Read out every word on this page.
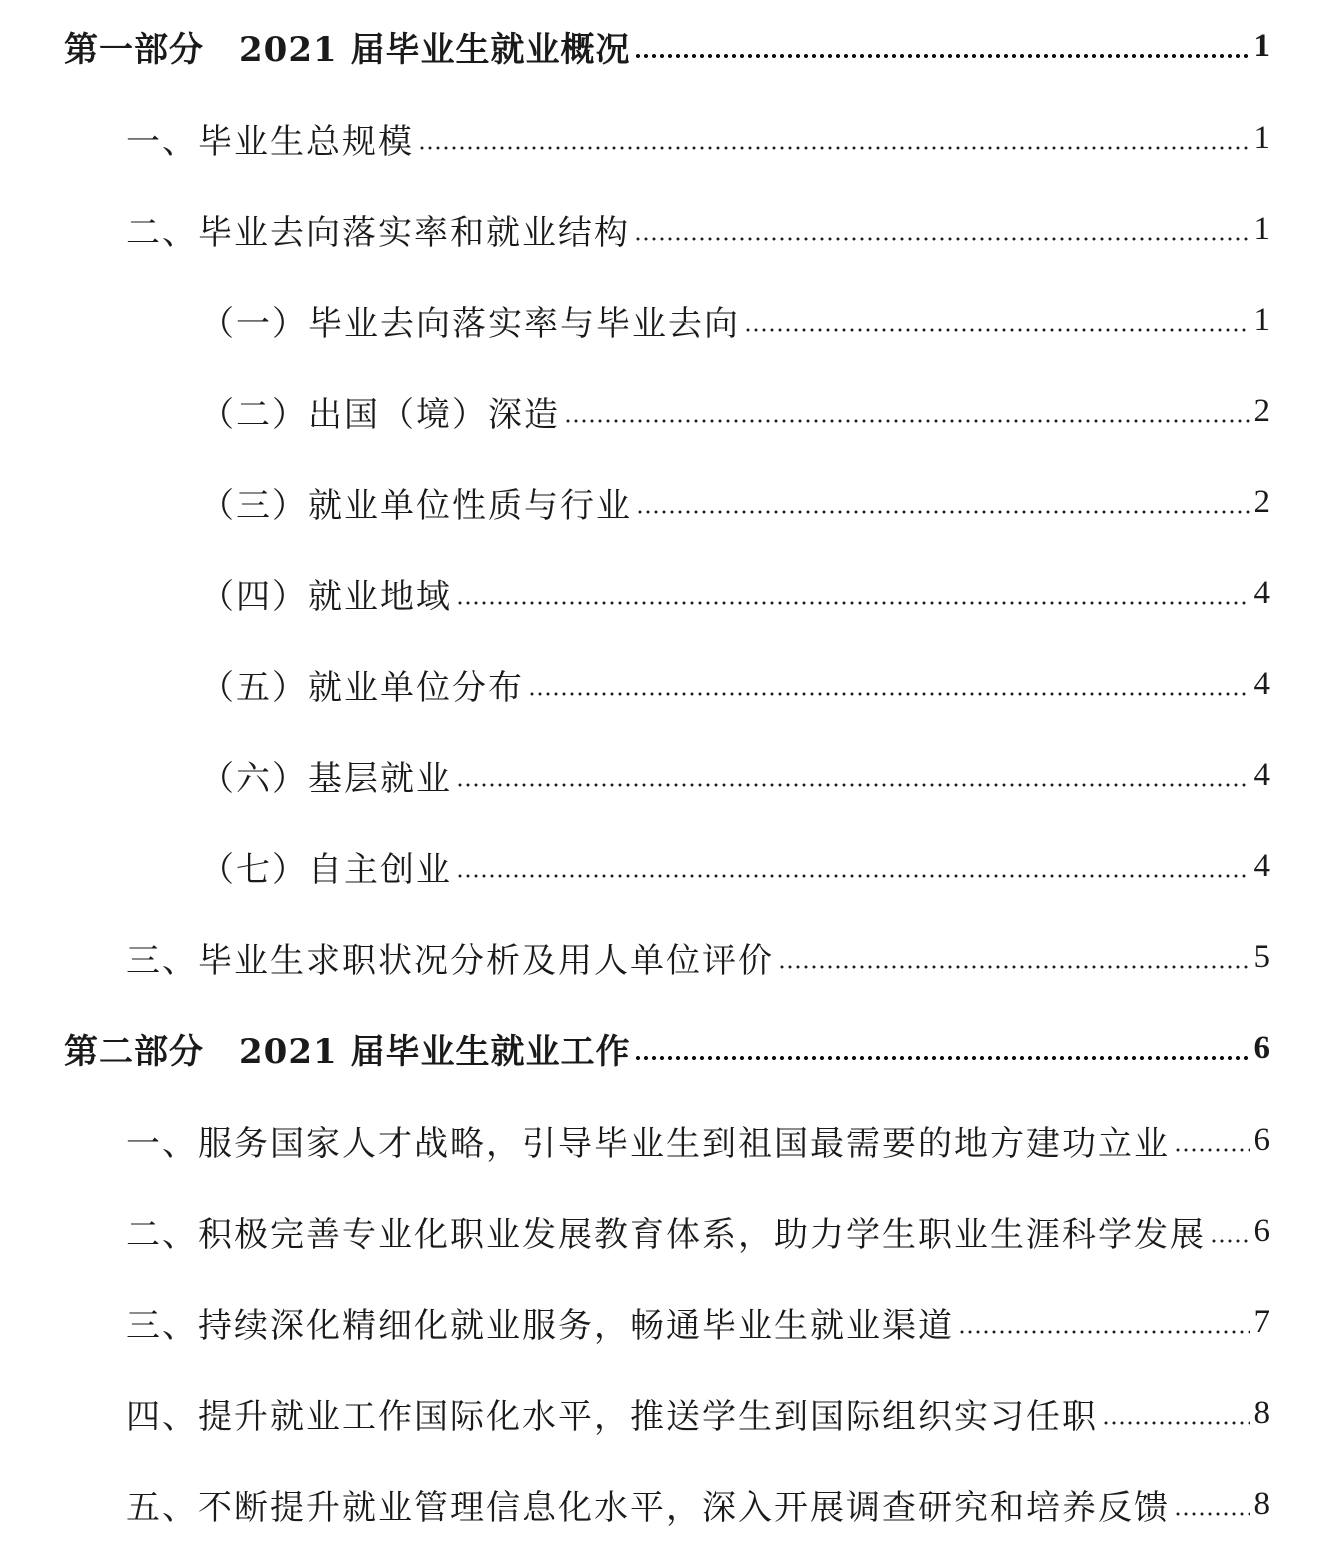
第一部分　2021 届毕业生就业概况	1
一、毕业生总规模	1
二、毕业去向落实率和就业结构	1
（一）毕业去向落实率与毕业去向	1
（二）出国（境）深造	2
（三）就业单位性质与行业	2
（四）就业地域	4
（五）就业单位分布	4
（六）基层就业	4
（七）自主创业	4
三、毕业生求职状况分析及用人单位评价	5
第二部分　2021 届毕业生就业工作	6
一、服务国家人才战略，引导毕业生到祖国最需要的地方建功立业	6
二、积极完善专业化职业发展教育体系，助力学生职业生涯科学发展 6
三、持续深化精细化就业服务，畅通毕业生就业渠道	7
四、提升就业工作国际化水平，推送学生到国际组织实习任职	8
五、不断提升就业管理信息化水平，深入开展调查研究和培养反馈	8
